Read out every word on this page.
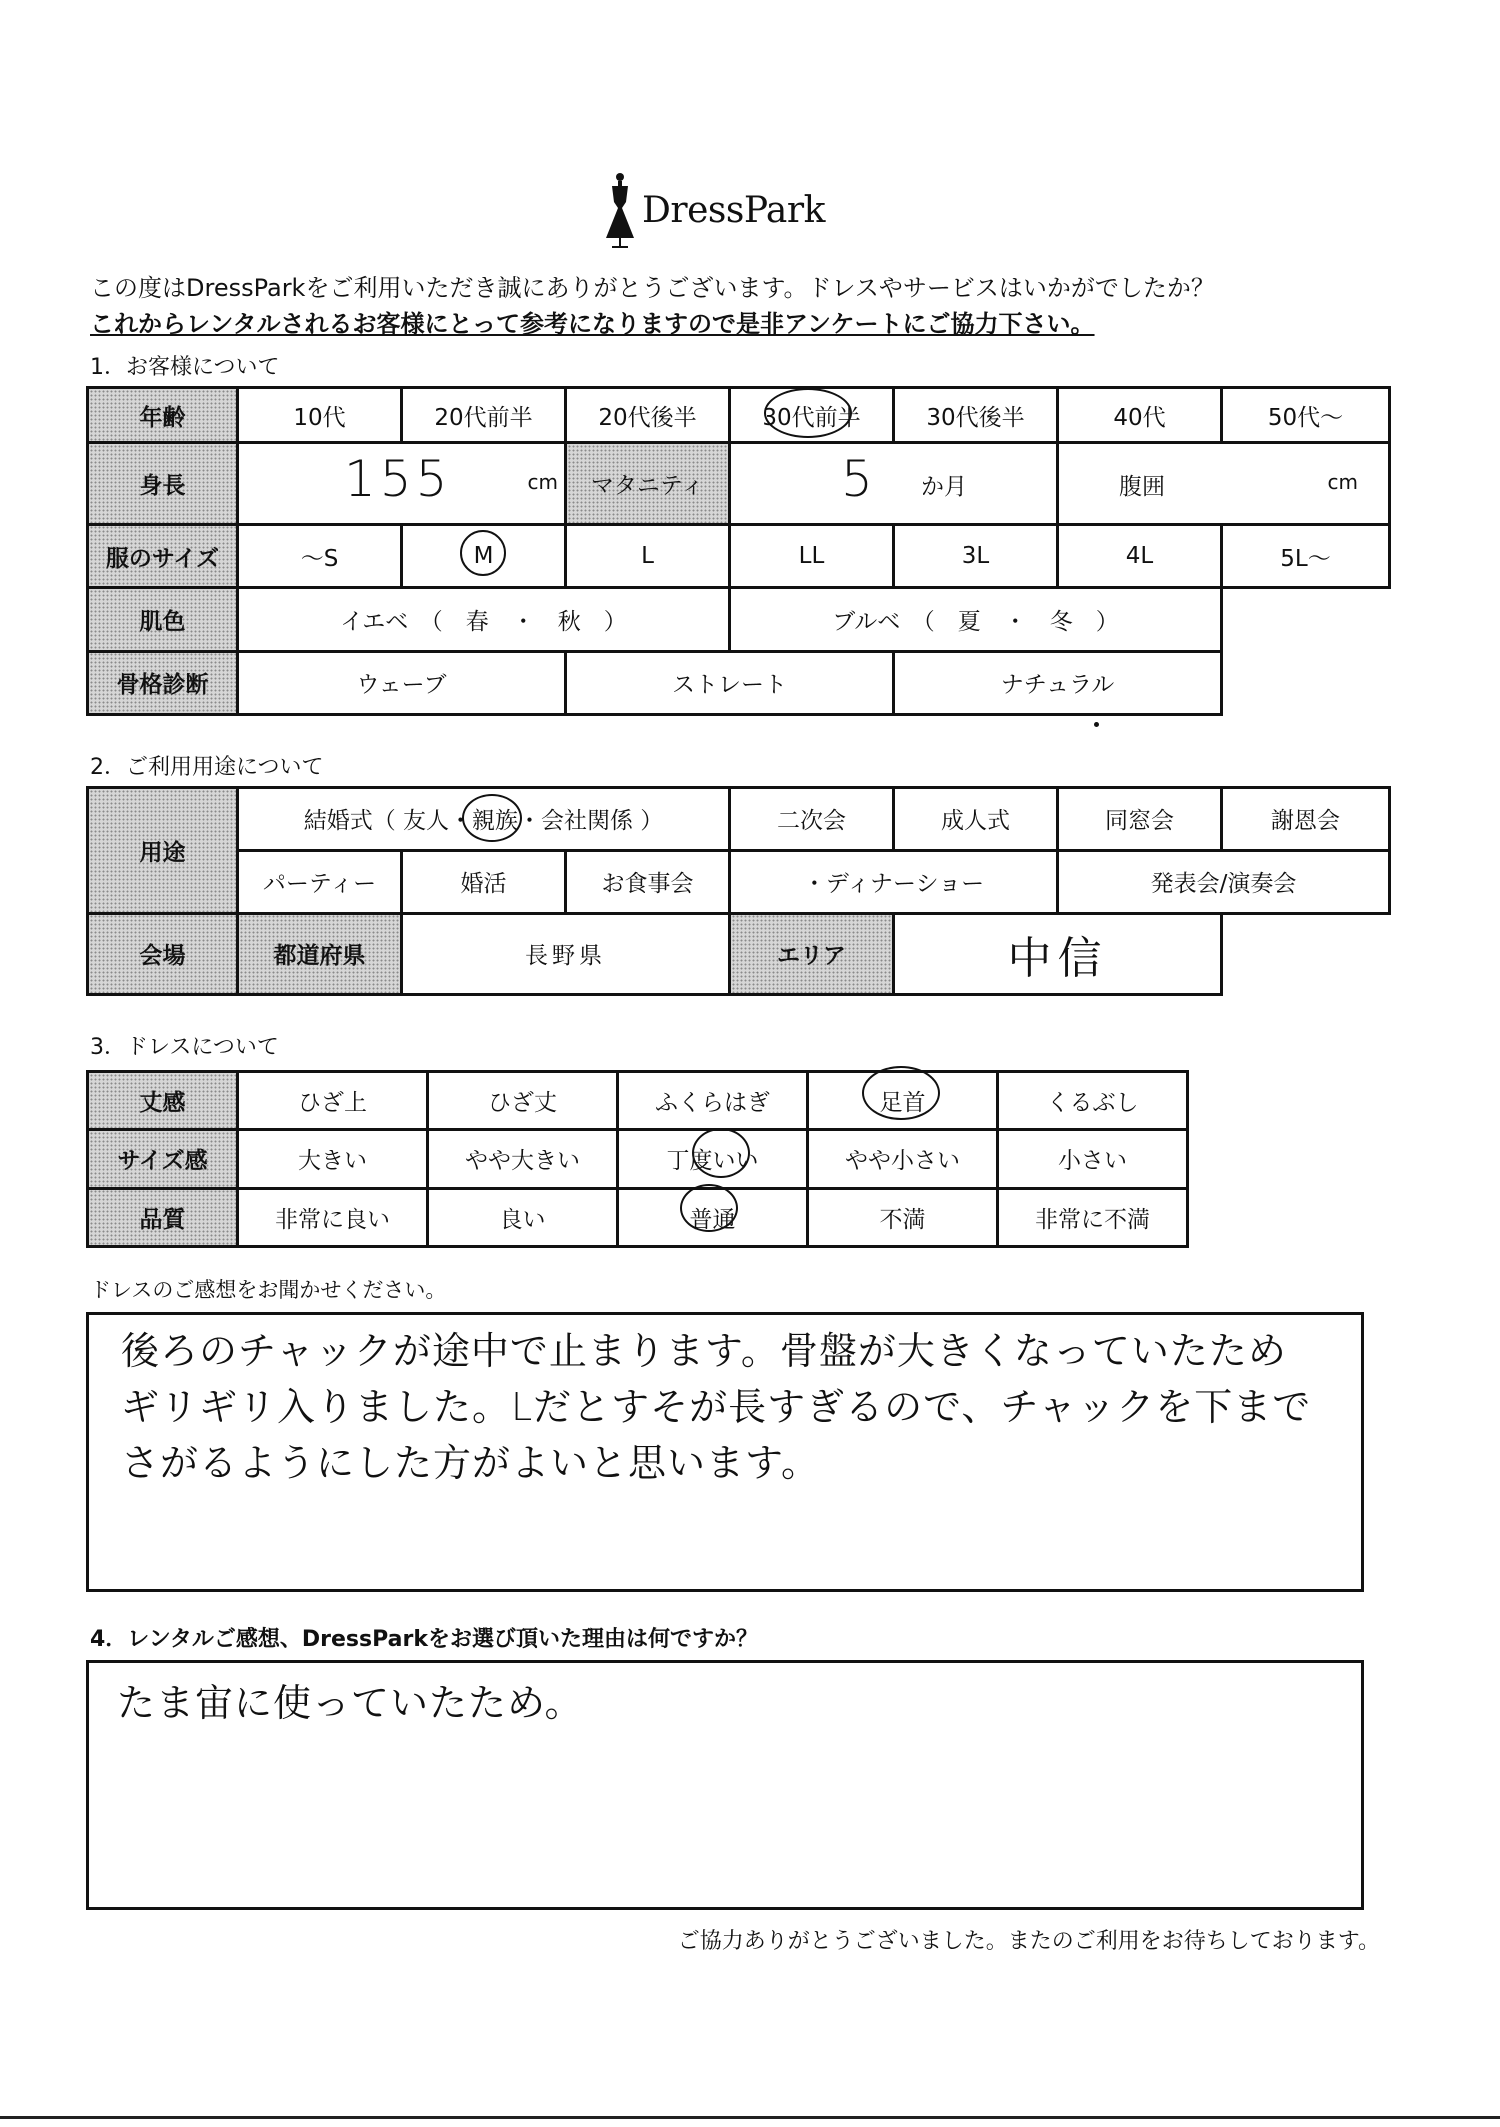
DressPark
この度はDressParkをご利用いただき誠にありがとうございます。ドレスやサービスはいかがでしたか？
これからレンタルされるお客様にとって参考になりますので是非アンケートにご協力下さい。
1．お客様について
年齢	10代	20代前半	20代後半	30代前半	30代後半	40代	50代～
身長	155 cm		マタニティ	5 か月		腹囲 cm	

服のサイズ	～S	M	L	LL	3L	4L	5L～
肌色	イエベ　（　春　・　秋　）			ブルベ　（　夏　・　冬　）			
骨格診断	ウェーブ		ストレート		ナチュラル		
2．ご利用用途について
用途	結婚式（ 友人・親族・会社関係 ）			二次会	成人式	同窓会	謝恩会
	パーティー	婚活	お食事会	・ディナーショー		発表会/演奏会	
会場	都道府県	長野県		エリア	中信		
3．ドレスについて
丈感	ひざ上	ひざ丈	ふくらはぎ	足首	くるぶし
サイズ感	大きい	やや大きい	丁度いい	やや小さい	小さい
品質	非常に良い	良い	普通	不満	非常に不満
ドレスのご感想をお聞かせください。
後ろのチャックが途中で止まります。骨盤が大きくなっていたため
ギリギリ入りました。Lだとすそが長すぎるので、チャックを下まで
さがるようにした方がよいと思います。
4．レンタルご感想、DressParkをお選び頂いた理由は何ですか？
たま宙に使っていたため。
ご協力ありがとうございました。またのご利用をお待ちしております。
